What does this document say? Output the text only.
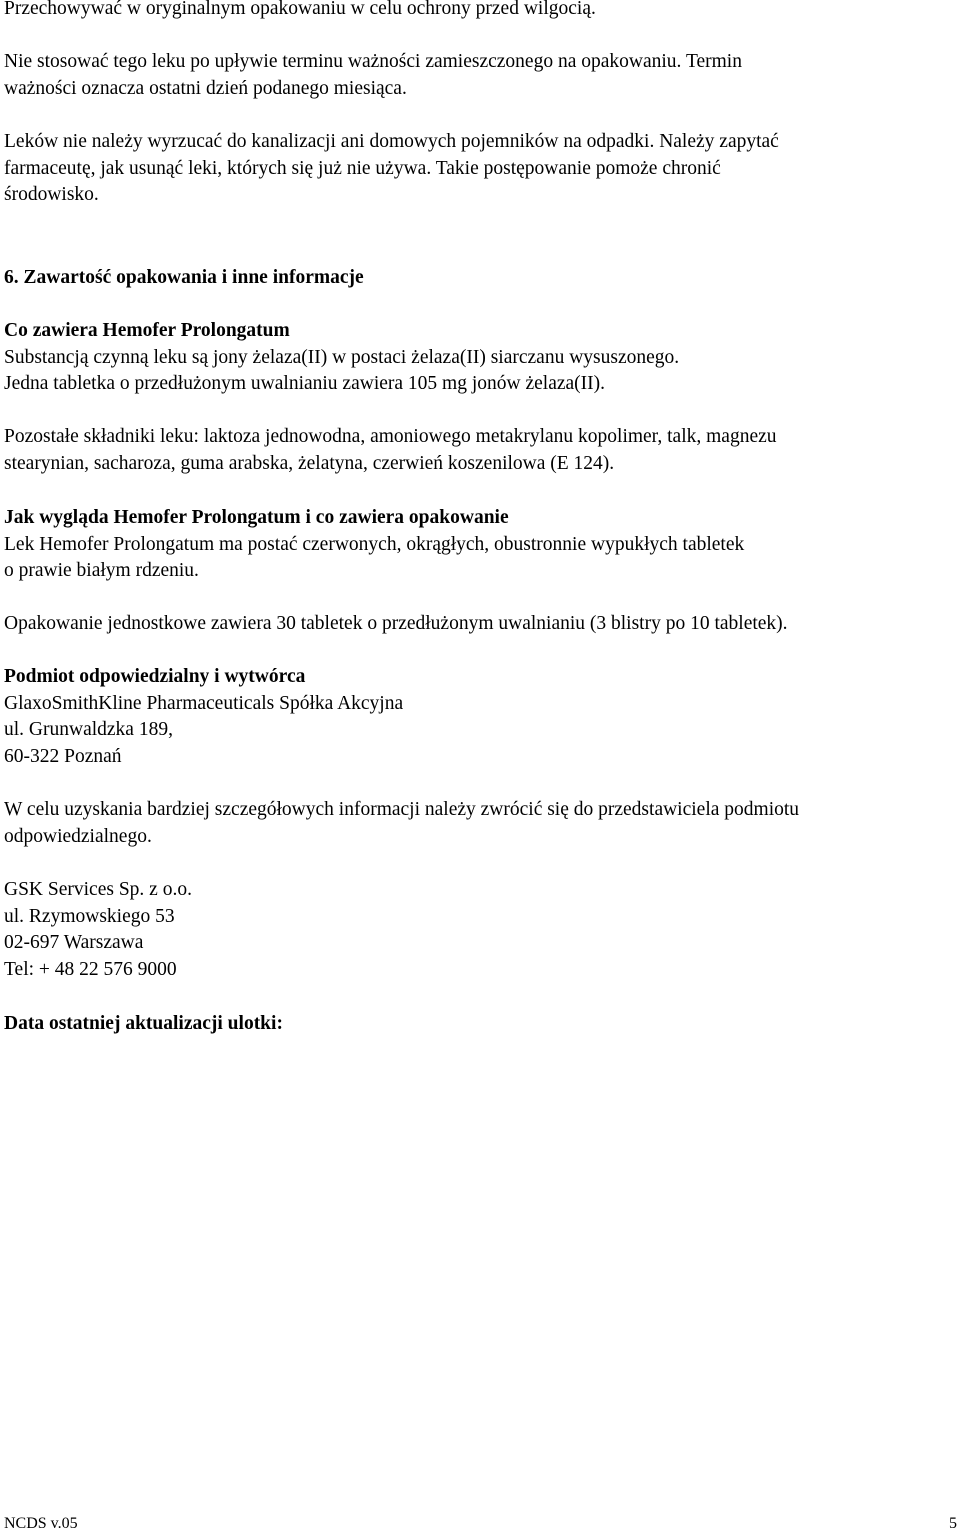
Przechowywać w oryginalnym opakowaniu w celu ochrony przed wilgocią.
Nie stosować tego leku po upływie terminu ważności zamieszczonego na opakowaniu. Termin
ważności oznacza ostatni dzień podanego miesiąca.
Leków nie należy wyrzucać do kanalizacji ani domowych pojemników na odpadki. Należy zapytać
farmaceutę, jak usunąć leki, których się już nie używa. Takie postępowanie pomoże chronić
środowisko.
6. Zawartość opakowania i inne informacje
Co zawiera Hemofer Prolongatum
Substancją czynną leku są jony żelaza(II) w postaci żelaza(II) siarczanu wysuszonego.
Jedna tabletka o przedłużonym uwalnianiu zawiera 105 mg jonów żelaza(II).
Pozostałe składniki leku: laktoza jednowodna, amoniowego metakrylanu kopolimer, talk, magnezu
stearynian, sacharoza, guma arabska, żelatyna, czerwień koszenilowa (E 124).
Jak wygląda Hemofer Prolongatum i co zawiera opakowanie
Lek Hemofer Prolongatum ma postać czerwonych, okrągłych, obustronnie wypukłych tabletek
o prawie białym rdzeniu.
Opakowanie jednostkowe zawiera 30 tabletek o przedłużonym uwalnianiu (3 blistry po 10 tabletek).
Podmiot odpowiedzialny i wytwórca
GlaxoSmithKline Pharmaceuticals Spółka Akcyjna
ul. Grunwaldzka 189,
60-322 Poznań
W celu uzyskania bardziej szczegółowych informacji należy zwrócić się do przedstawiciela podmiotu
odpowiedzialnego.
GSK Services Sp. z o.o.
ul. Rzymowskiego 53
02-697 Warszawa
Tel: + 48 22 576 9000
Data ostatniej aktualizacji ulotki:
NCDS v.05	5
